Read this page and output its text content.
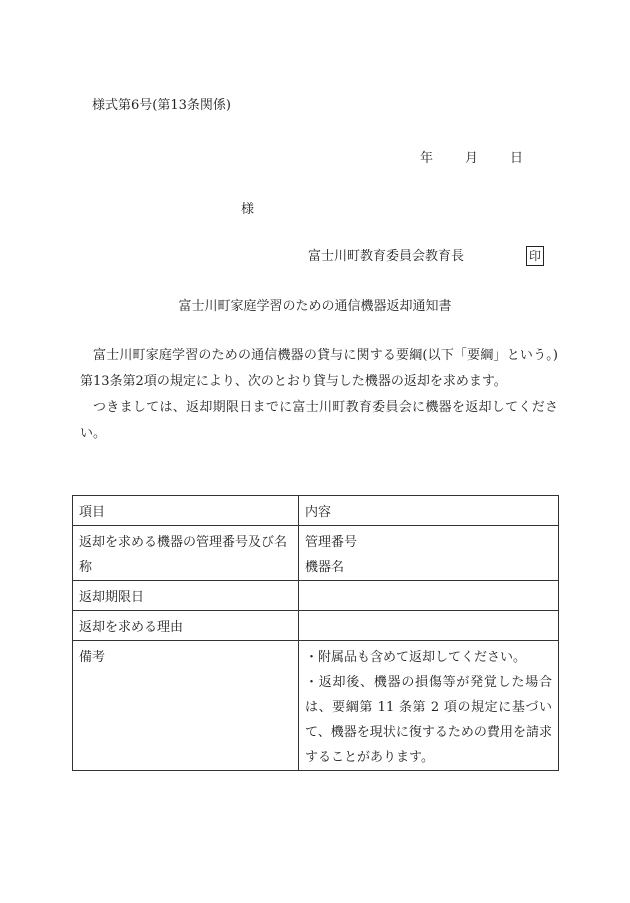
様式第6号(第13条関係)
年 月 日
様
富士川町教育委員会教育長	印
富士川町家庭学習のための通信機器返却通知書

富士川町家庭学習のための通信機器の貸与に関する要綱(以下「要綱」という。)第13条第2項の規定により、次のとおり貸与した機器の返却を求めます。

つきましては、返却期限日までに富士川町教育委員会に機器を返却してください。

項目	内容
返却を求める機器の管理番号及び名称	管理番号
機器名

返却期限日	
返却を求める理由	
備考	・附属品も含めて返却してください。
・返却後、機器の損傷等が発覚した場合は、要綱第 11 条第 2 項の規定に基づいて、機器を現状に復するための費用を請求することがあります。
